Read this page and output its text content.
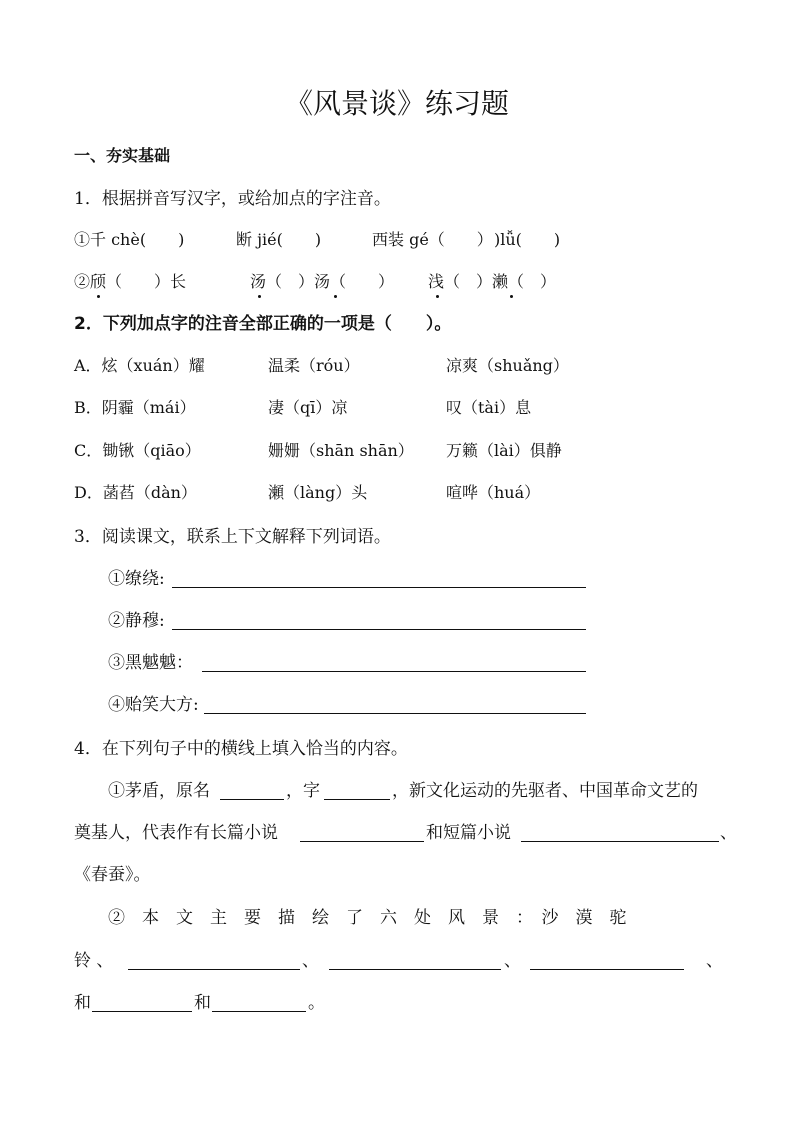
《风景谈》练习题
一、夯实基础
1．根据拼音写汉字，或给加点的字注音。
①千 chè(　　)	断 jié(　　)	西装 gé（　　） )lǚ(　　)
②颀（　　）长	汤（　）汤（　　） 浅（　）濑（　）
2．下列加点字的注音全部正确的一项是（　　）。
A．炫（xuán）耀	温柔（róu）	凉爽（shuǎng）
B．阴霾（mái）	凄（qī）凉	叹（tài）息
C．锄锹（qiāo）	姗姗（shān shān） 万籁（lài）俱静
D．菡萏（dàn）	瀬（làng）头	喧哗（huá）
3．阅读课文，联系上下文解释下列词语。
①缭绕:
②静穆:
③黑魆魆：
④贻笑大方:
4．在下列句子中的横线上填入恰当的内容。
①茅盾，原名	，字	，新文化运动的先驱者、中国革命文艺的
奠基人，代表作有长篇小说	和短篇小说	、
《春蚕》。
②　本　文　主　要　描　绘　了　六　处　风　景　：　沙　漠　驼
铃 、	、	、	、
和	和	。
